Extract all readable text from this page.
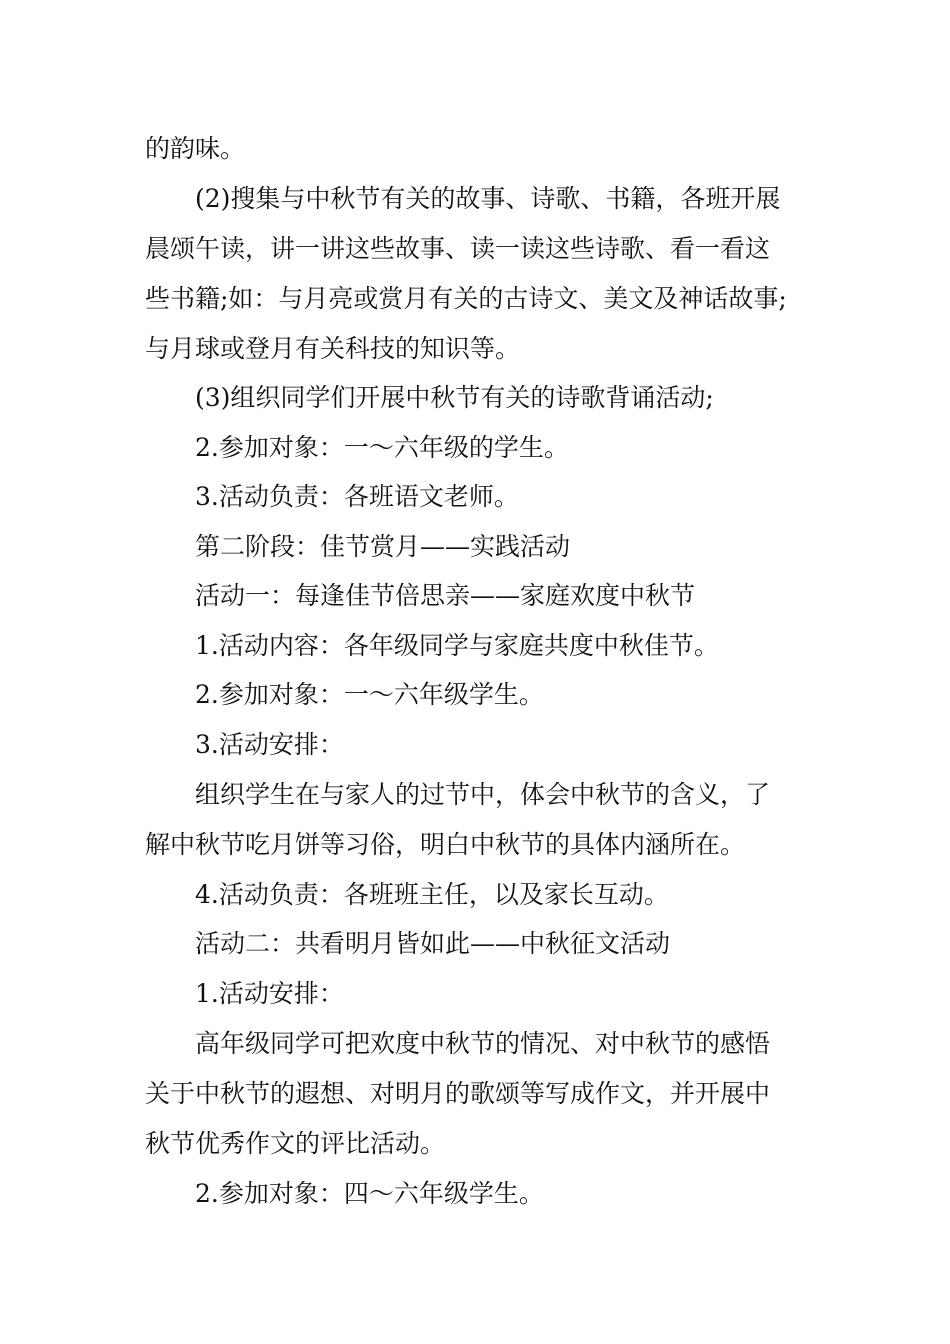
的韵味。
(2)搜集与中秋节有关的故事、诗歌、书籍，各班开展
晨颂午读，讲一讲这些故事、读一读这些诗歌、看一看这
些书籍;如：与月亮或赏月有关的古诗文、美文及神话故事;
与月球或登月有关科技的知识等。
(3)组织同学们开展中秋节有关的诗歌背诵活动;
2.参加对象：一～六年级的学生。
3.活动负责：各班语文老师。
第二阶段：佳节赏月——实践活动
活动一：每逢佳节倍思亲——家庭欢度中秋节
1.活动内容：各年级同学与家庭共度中秋佳节。
2.参加对象：一～六年级学生。
3.活动安排：
组织学生在与家人的过节中，体会中秋节的含义，了
解中秋节吃月饼等习俗，明白中秋节的具体内涵所在。
4.活动负责：各班班主任，以及家长互动。
活动二：共看明月皆如此——中秋征文活动
1.活动安排：
高年级同学可把欢度中秋节的情况、对中秋节的感悟
关于中秋节的遐想、对明月的歌颂等写成作文，并开展中
秋节优秀作文的评比活动。
2.参加对象：四～六年级学生。
